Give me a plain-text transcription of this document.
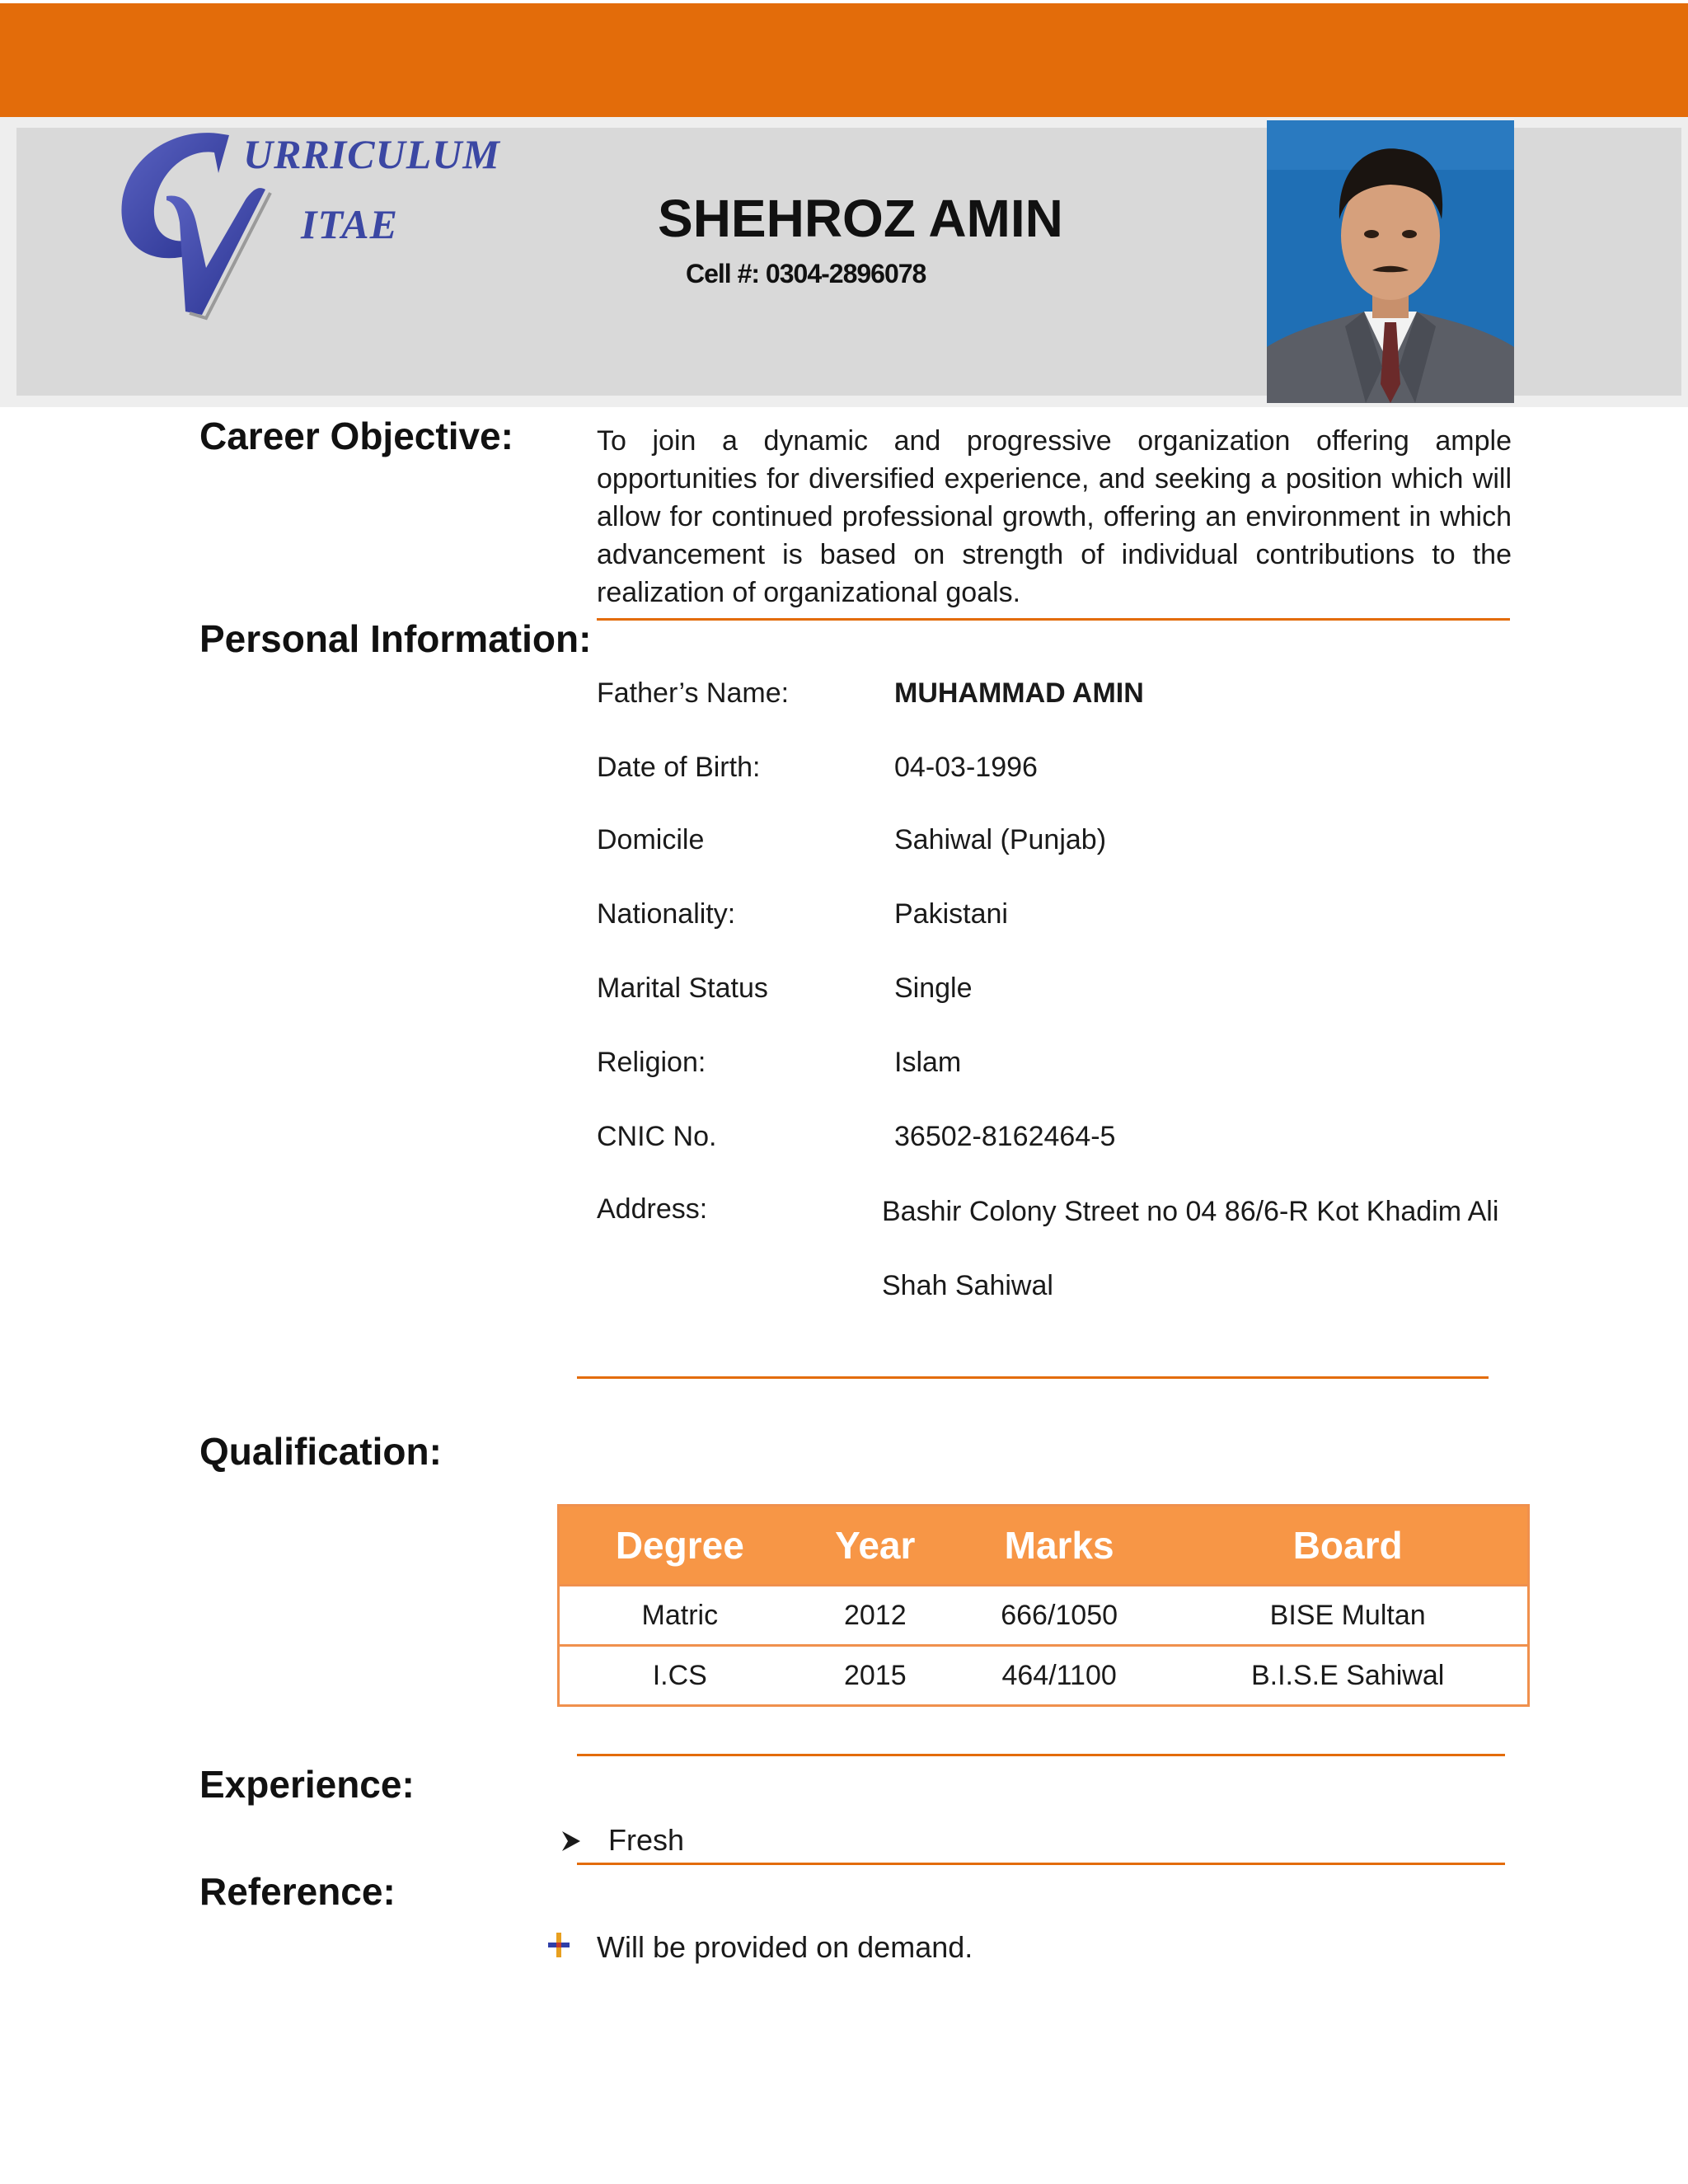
URRICULUM
ITAE	SHEHROZ AMIN
Cell #: 0304-2896078
Career Objective:	To join a dynamic and progressive organization offering ample opportunities for diversified experience, and seeking a position which will allow for continued professional growth, offering an environment in which advancement is based on strength of individual contributions to the realization of organizational goals.
Personal Information:
Father’s Name:	MUHAMMAD AMIN
Date of Birth:	04-03-1996
Domicile	Sahiwal (Punjab)
Nationality:	Pakistani
Marital Status	Single
Religion:	Islam
CNIC No.	36502-8162464-5
Address:	Bashir Colony Street no 04 86/6-R Kot Khadim Ali
Shah Sahiwal
Qualification:
Degree	Year	Marks	Board
Matric	2012	666/1050	BISE Multan
I.CS	2015	464/1100	B.I.S.E Sahiwal
Experience:
Fresh
Reference:
Will be provided on demand.
